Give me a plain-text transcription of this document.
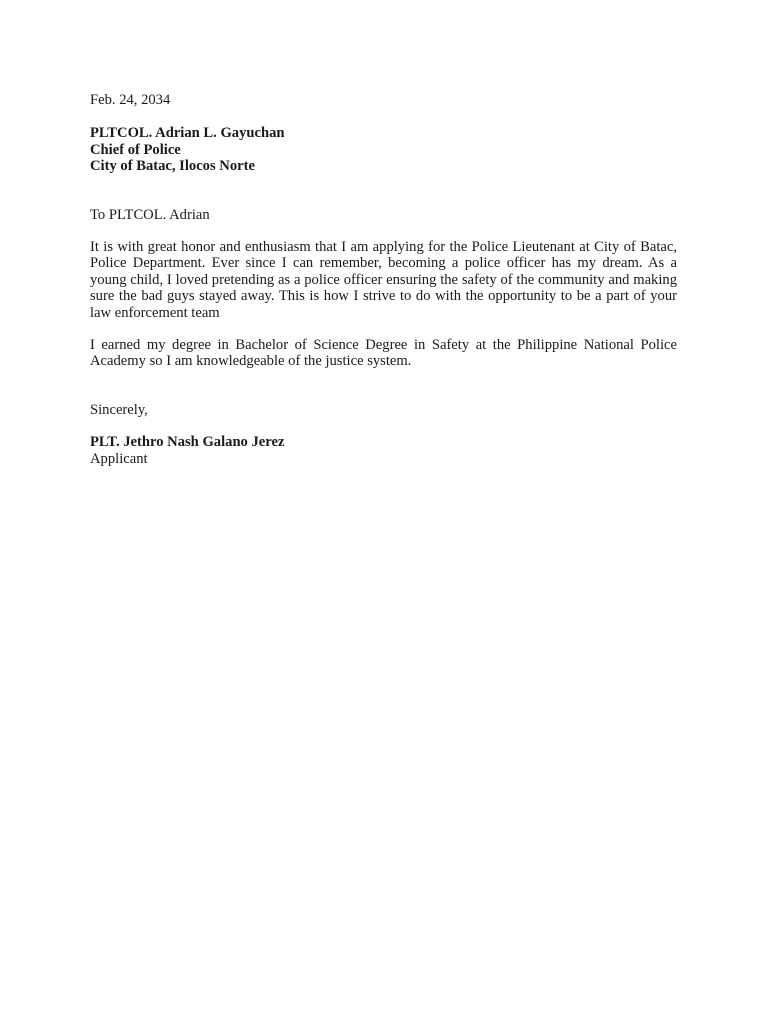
Feb. 24, 2034
PLTCOL. Adrian L. Gayuchan
Chief of Police
City of Batac, Ilocos Norte
To PLTCOL. Adrian

It is with great honor and enthusiasm that I am applying for the Police Lieutenant at City of Batac, Police Department. Ever since I can remember, becoming a police officer has my dream. As a young child, I loved pretending as a police officer ensuring the safety of the community and making sure the bad guys stayed away. This is how I strive to do with the opportunity to be a part of your law enforcement team

I earned my degree in Bachelor of Science Degree in Safety at the Philippine National Police Academy so I am knowledgeable of the justice system.

Sincerely,
PLT. Jethro Nash Galano Jerez
Applicant
